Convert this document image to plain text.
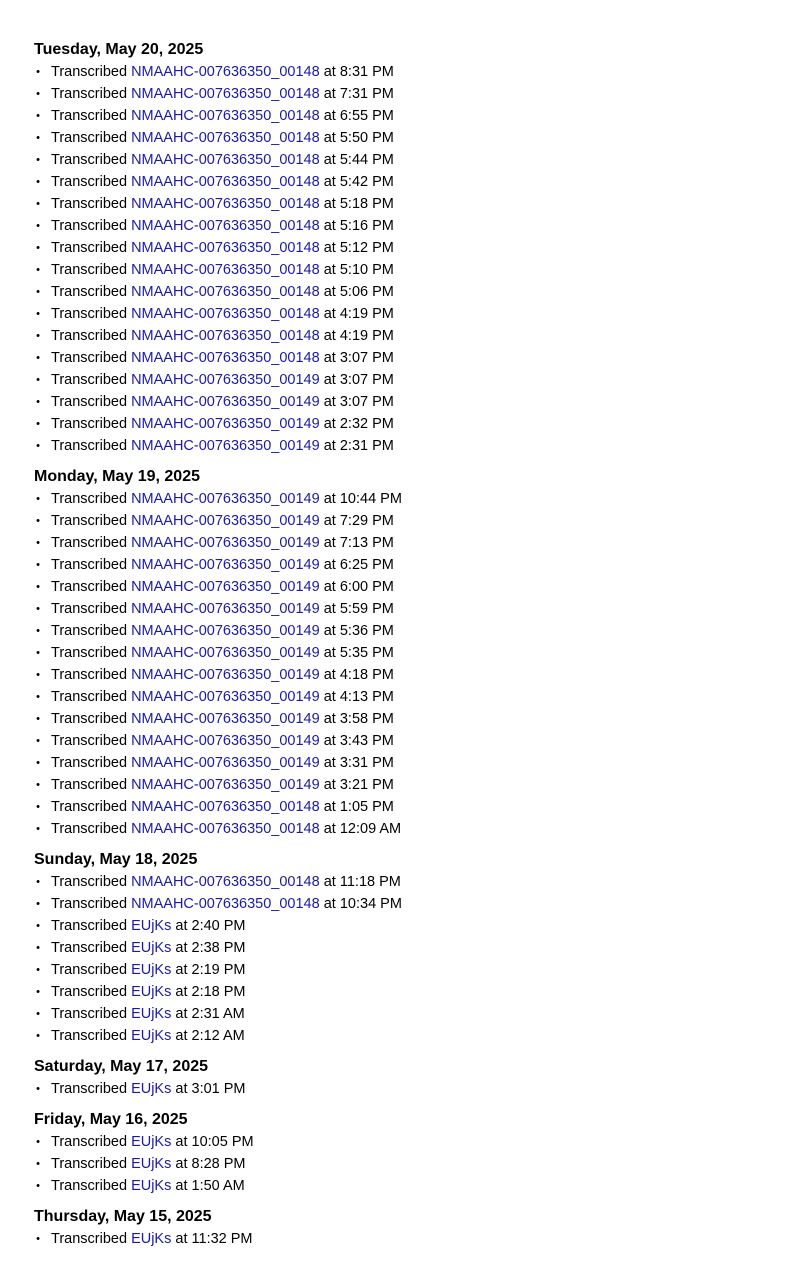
Tuesday, May 20, 2025
• Transcribed NMAAHC-007636350_00148 at 8:31 PM
• Transcribed NMAAHC-007636350_00148 at 7:31 PM
• Transcribed NMAAHC-007636350_00148 at 6:55 PM
• Transcribed NMAAHC-007636350_00148 at 5:50 PM
• Transcribed NMAAHC-007636350_00148 at 5:44 PM
• Transcribed NMAAHC-007636350_00148 at 5:42 PM
• Transcribed NMAAHC-007636350_00148 at 5:18 PM
• Transcribed NMAAHC-007636350_00148 at 5:16 PM
• Transcribed NMAAHC-007636350_00148 at 5:12 PM
• Transcribed NMAAHC-007636350_00148 at 5:10 PM
• Transcribed NMAAHC-007636350_00148 at 5:06 PM
• Transcribed NMAAHC-007636350_00148 at 4:19 PM
• Transcribed NMAAHC-007636350_00148 at 4:19 PM
• Transcribed NMAAHC-007636350_00148 at 3:07 PM
• Transcribed NMAAHC-007636350_00149 at 3:07 PM
• Transcribed NMAAHC-007636350_00149 at 3:07 PM
• Transcribed NMAAHC-007636350_00149 at 2:32 PM
• Transcribed NMAAHC-007636350_00149 at 2:31 PM
Monday, May 19, 2025
• Transcribed NMAAHC-007636350_00149 at 10:44 PM
• Transcribed NMAAHC-007636350_00149 at 7:29 PM
• Transcribed NMAAHC-007636350_00149 at 7:13 PM
• Transcribed NMAAHC-007636350_00149 at 6:25 PM
• Transcribed NMAAHC-007636350_00149 at 6:00 PM
• Transcribed NMAAHC-007636350_00149 at 5:59 PM
• Transcribed NMAAHC-007636350_00149 at 5:36 PM
• Transcribed NMAAHC-007636350_00149 at 5:35 PM
• Transcribed NMAAHC-007636350_00149 at 4:18 PM
• Transcribed NMAAHC-007636350_00149 at 4:13 PM
• Transcribed NMAAHC-007636350_00149 at 3:58 PM
• Transcribed NMAAHC-007636350_00149 at 3:43 PM
• Transcribed NMAAHC-007636350_00149 at 3:31 PM
• Transcribed NMAAHC-007636350_00149 at 3:21 PM
• Transcribed NMAAHC-007636350_00148 at 1:05 PM
• Transcribed NMAAHC-007636350_00148 at 12:09 AM
Sunday, May 18, 2025
• Transcribed NMAAHC-007636350_00148 at 11:18 PM
• Transcribed NMAAHC-007636350_00148 at 10:34 PM
• Transcribed EUjKs at 2:40 PM
• Transcribed EUjKs at 2:38 PM
• Transcribed EUjKs at 2:19 PM
• Transcribed EUjKs at 2:18 PM
• Transcribed EUjKs at 2:31 AM
• Transcribed EUjKs at 2:12 AM
Saturday, May 17, 2025
• Transcribed EUjKs at 3:01 PM
Friday, May 16, 2025
• Transcribed EUjKs at 10:05 PM
• Transcribed EUjKs at 8:28 PM
• Transcribed EUjKs at 1:50 AM
Thursday, May 15, 2025
• Transcribed EUjKs at 11:32 PM
